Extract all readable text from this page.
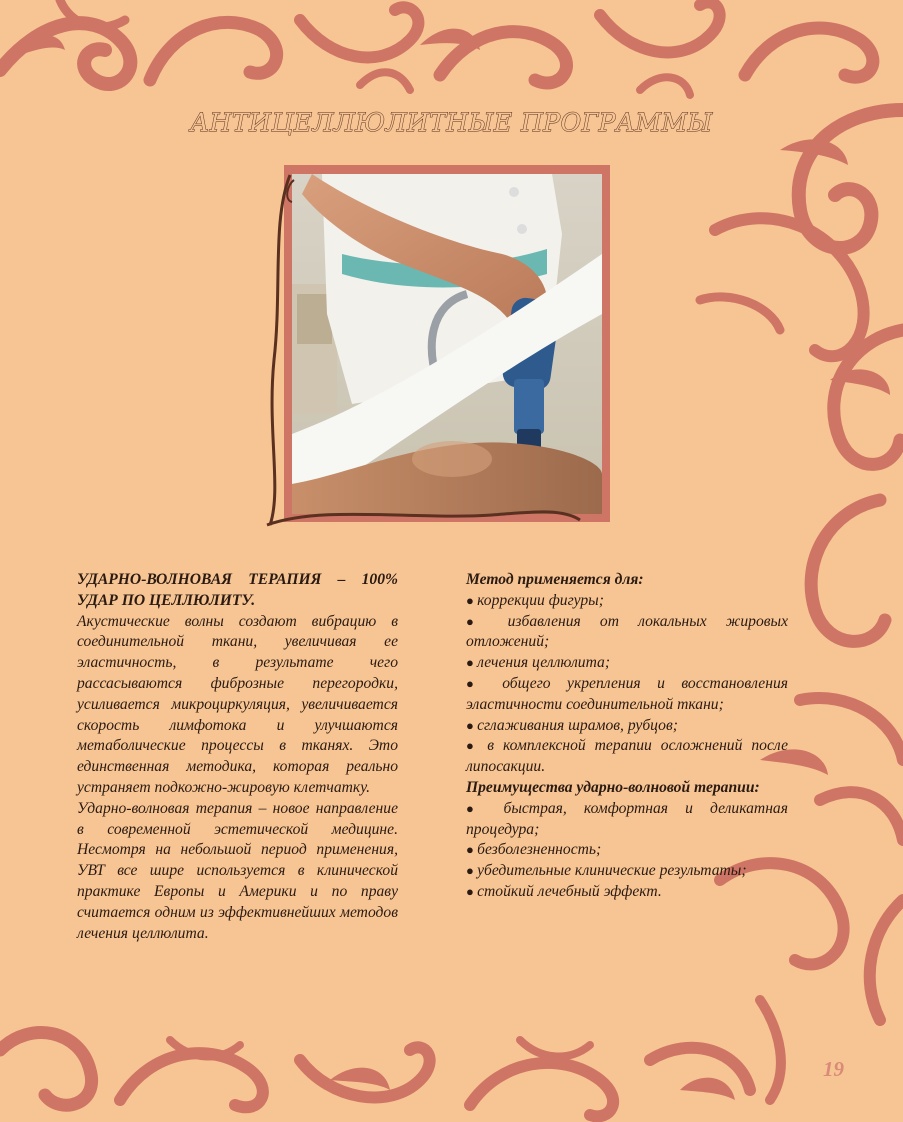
АНТИЦЕЛЛЮЛИТНЫЕ ПРОГРАММЫ

УДАРНО-ВОЛНОВАЯ ТЕРАПИЯ – 100% УДАР ПО ЦЕЛЛЮЛИТУ.

Акустические волны создают вибрацию в соединительной ткани, увеличивая ее эластичность, в результате чего рассасываются фиброзные перегородки, усиливается микроциркуляция, увеличивается скорость лимфотока и улучшаются метаболические процессы в тканях. Это единственная методика, которая реально устраняет подкожно-жировую клетчатку.

Ударно-волновая терапия – новое направление в современной эстетической медицине. Несмотря на небольшой период применения, УВТ все шире используется в клинической практике Европы и Америки и по праву считается одним из эффективнейших методов лечения целлюлита.

Метод применяется для:

● коррекции фигуры;

● избавления от локальных жировых отложений;

● лечения целлюлита;

● общего укрепления и восстановления эластичности соединительной ткани;

● сглаживания шрамов, рубцов;

● в комплексной терапии осложнений после липосакции.

Преимущества ударно-волновой терапии:

● быстрая, комфортная и деликатная процедура;

● безболезненность;

● убедительные клинические результаты;

● стойкий лечебный эффект.

19
